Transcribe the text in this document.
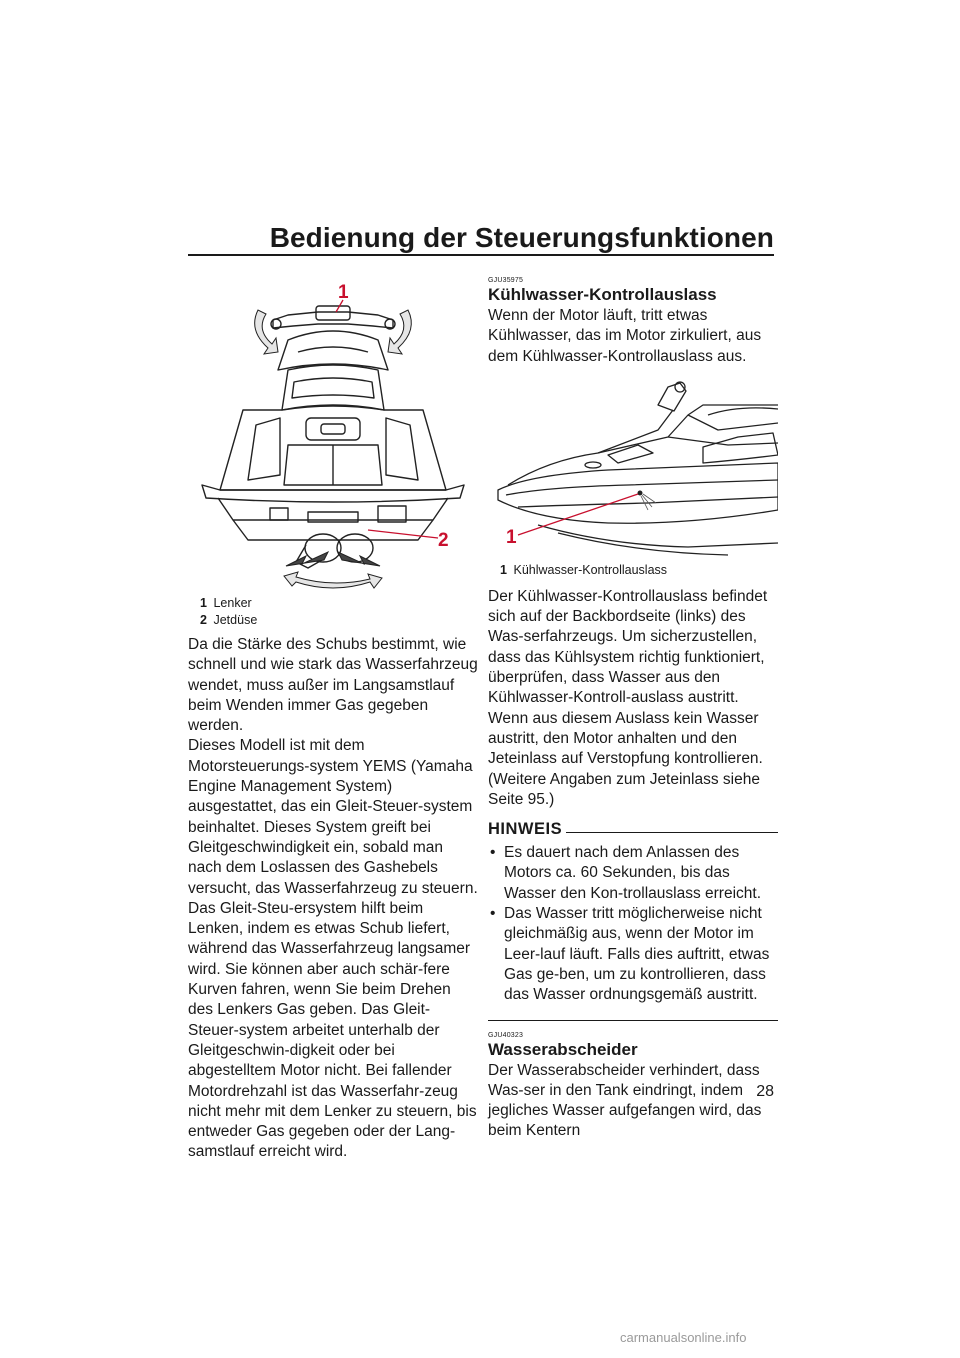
Bedienung der Steuerungsfunktionen
1
2
1 Lenker
2 Jetdüse

Da die Stärke des Schubs bestimmt, wie schnell und wie stark das Wasserfahrzeug wendet, muss außer im Langsamstlauf beim Wenden immer Gas gegeben werden.

Dieses Modell ist mit dem Motorsteuerungs-system YEMS (Yamaha Engine Management System) ausgestattet, das ein Gleit-Steuer-system beinhaltet. Dieses System greift bei Gleitgeschwindigkeit ein, sobald man nach dem Loslassen des Gashebels versucht, das Wasserfahrzeug zu steuern. Das Gleit-Steu-ersystem hilft beim Lenken, indem es etwas Schub liefert, während das Wasserfahrzeug langsamer wird. Sie können aber auch schär-fere Kurven fahren, wenn Sie beim Drehen des Lenkers Gas geben. Das Gleit-Steuer-system arbeitet unterhalb der Gleitgeschwin-digkeit oder bei abgestelltem Motor nicht. Bei fallender Motordrehzahl ist das Wasserfahr-zeug nicht mehr mit dem Lenker zu steuern, bis entweder Gas gegeben oder der Lang-samstlauf erreicht wird.

GJU35975
Kühlwasser-Kontrollauslass

Wenn der Motor läuft, tritt etwas Kühlwasser, das im Motor zirkuliert, aus dem Kühlwasser-Kontrollauslass aus.

1
1 Kühlwasser-Kontrollauslass

Der Kühlwasser-Kontrollauslass befindet sich auf der Backbordseite (links) des Was-serfahrzeugs. Um sicherzustellen, dass das Kühlsystem richtig funktioniert, überprüfen, dass Wasser aus den Kühlwasser-Kontroll-auslass austritt. Wenn aus diesem Auslass kein Wasser austritt, den Motor anhalten und den Jeteinlass auf Verstopfung kontrollieren. (Weitere Angaben zum Jeteinlass siehe Seite 95.)

HINWEIS
• Es dauert nach dem Anlassen des Motors ca. 60 Sekunden, bis das Wasser den Kon-trollauslass erreicht.
• Das Wasser tritt möglicherweise nicht gleichmäßig aus, wenn der Motor im Leer-lauf läuft. Falls dies auftritt, etwas Gas ge-ben, um zu kontrollieren, dass das Wasser ordnungsgemäß austritt.
GJU40323
Wasserabscheider

Der Wasserabscheider verhindert, dass Was-ser in den Tank eindringt, indem jegliches Wasser aufgefangen wird, das beim Kentern

28
carmanualsonline.info
